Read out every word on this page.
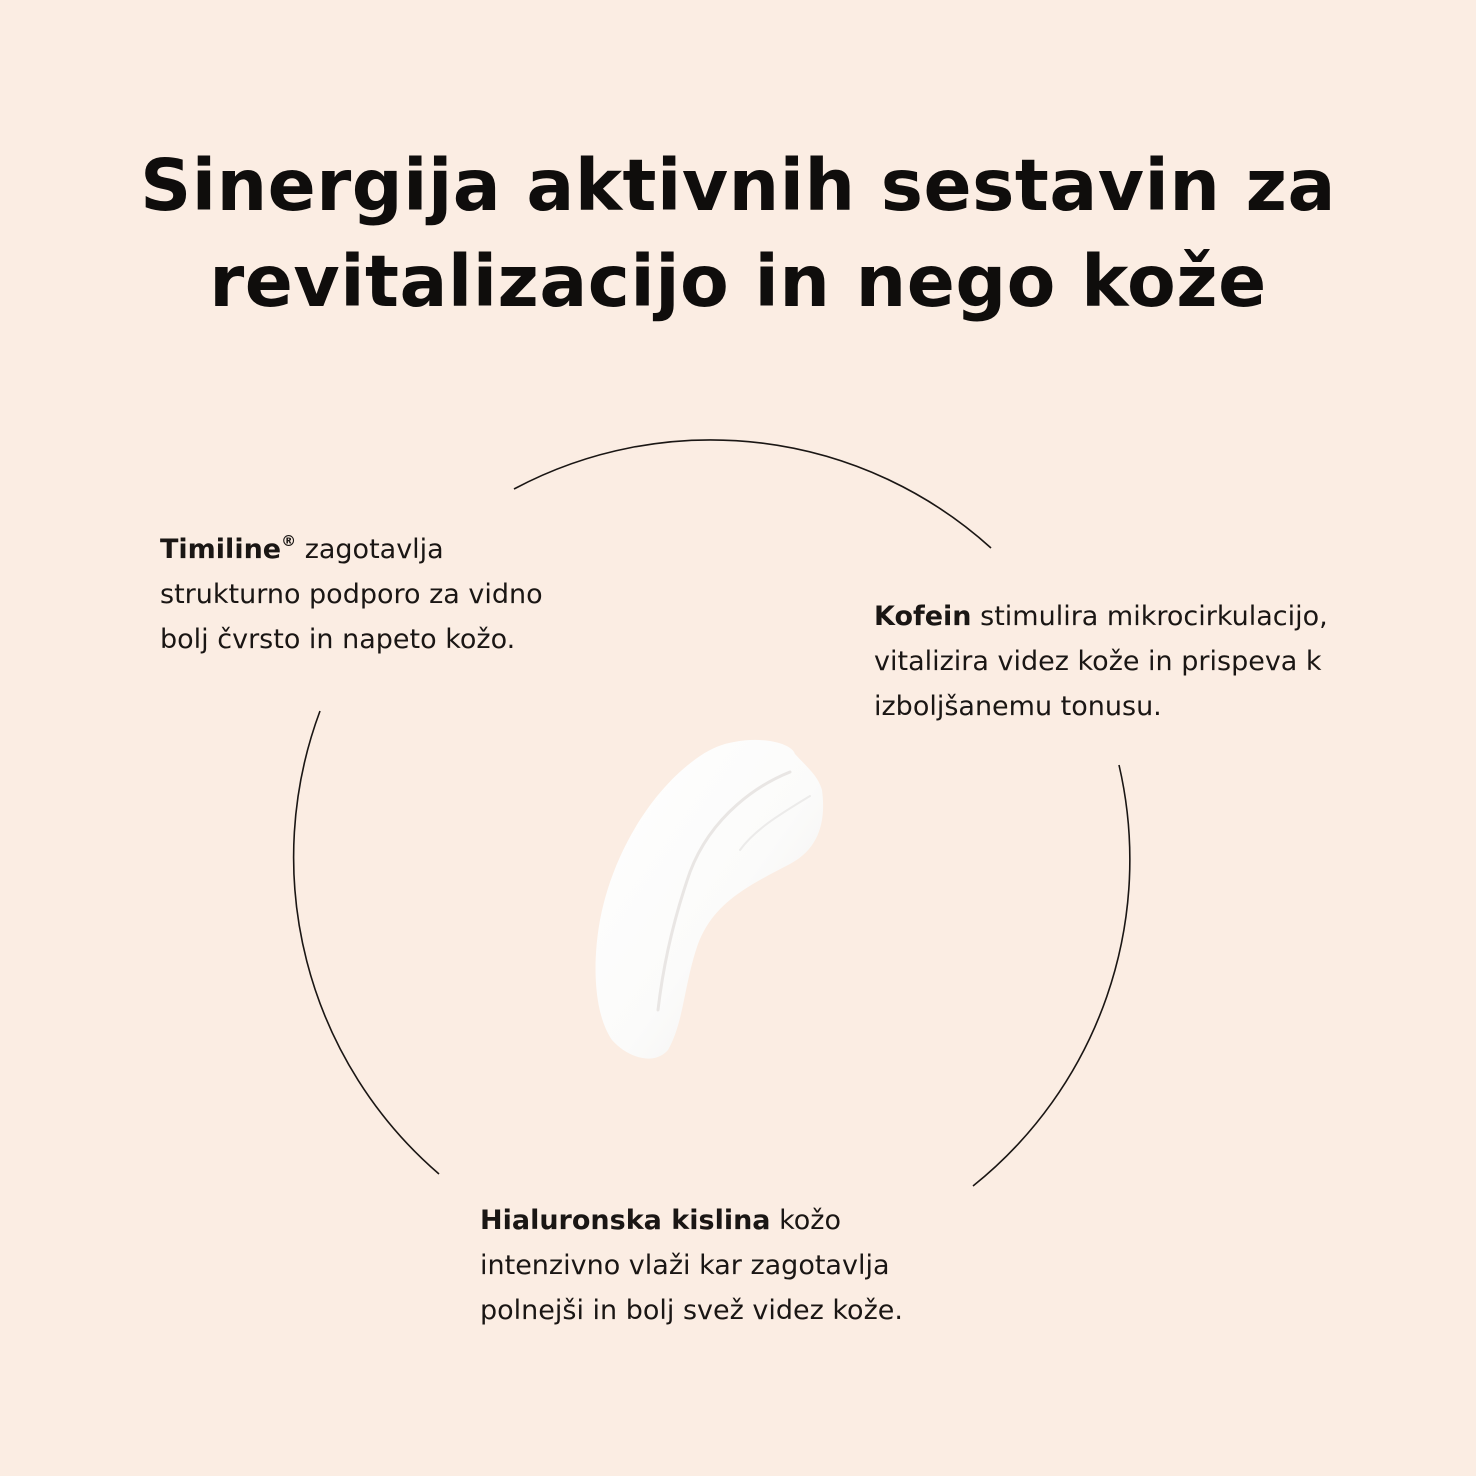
Sinergija aktivnih sestavin za
revitalizacijo in nego kože

Timiline® zagotavlja
strukturno podporo za vidno
bolj čvrsto in napeto kožo.

Kofein stimulira mikrocirkulacijo,
vitalizira videz kože in prispeva k
izboljšanemu tonusu.

Hialuronska kislina kožo
intenzivno vlaži kar zagotavlja
polnejši in bolj svež videz kože.
